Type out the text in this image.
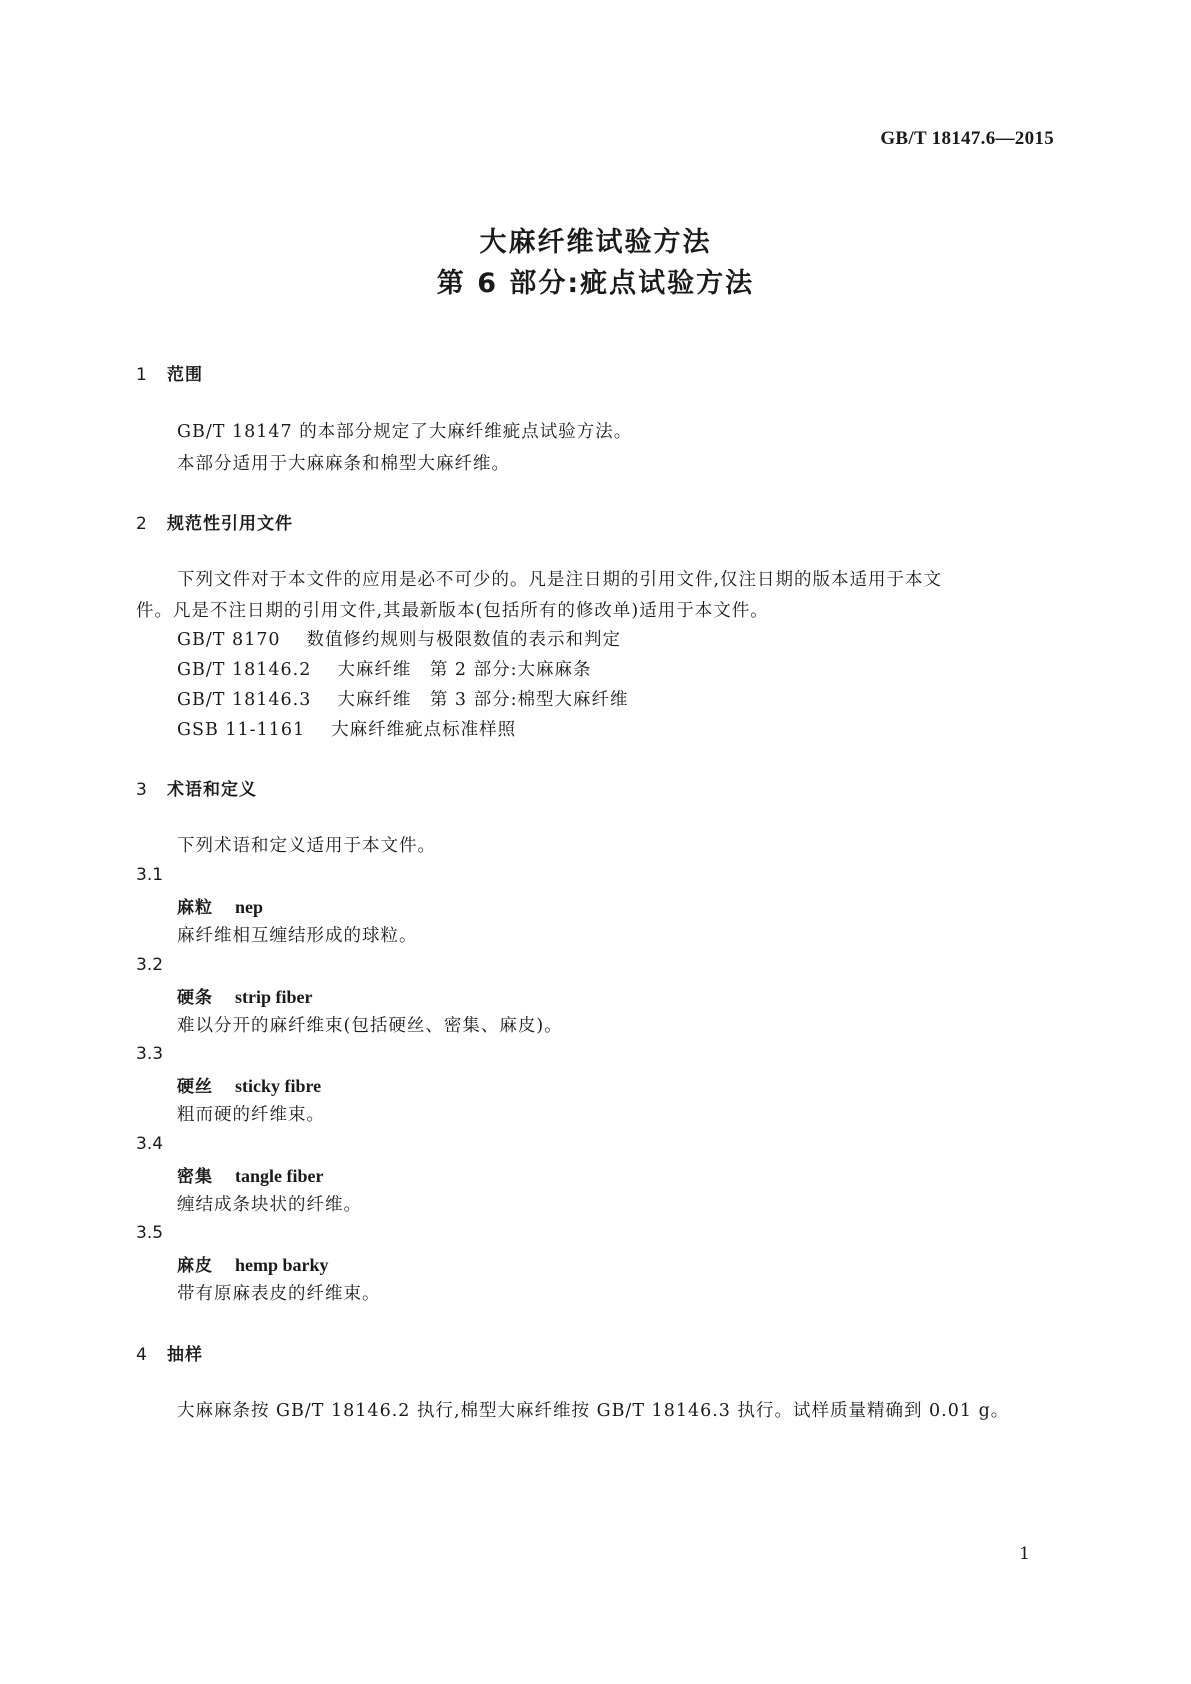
GB/T 18147.6—2015
大麻纤维试验方法
第 6 部分:疵点试验方法
1 范围
GB/T 18147 的本部分规定了大麻纤维疵点试验方法。
本部分适用于大麻麻条和棉型大麻纤维。
2 规范性引用文件
下列文件对于本文件的应用是必不可少的。凡是注日期的引用文件,仅注日期的版本适用于本文
件。凡是不注日期的引用文件,其最新版本(包括所有的修改单)适用于本文件。
GB/T 8170 数值修约规则与极限数值的表示和判定
GB/T 18146.2 大麻纤维　第 2 部分:大麻麻条
GB/T 18146.3 大麻纤维　第 3 部分:棉型大麻纤维
GSB 11-1161 大麻纤维疵点标准样照
3 术语和定义
下列术语和定义适用于本文件。
3.1
麻粒 nep
麻纤维相互缠结形成的球粒。
3.2
硬条 strip fiber
难以分开的麻纤维束(包括硬丝、密集、麻皮)。
3.3
硬丝 sticky fibre
粗而硬的纤维束。
3.4
密集 tangle fiber
缠结成条块状的纤维。
3.5
麻皮 hemp barky
带有原麻表皮的纤维束。
4 抽样
大麻麻条按 GB/T 18146.2 执行,棉型大麻纤维按 GB/T 18146.3 执行。试样质量精确到 0.01 g。
1
